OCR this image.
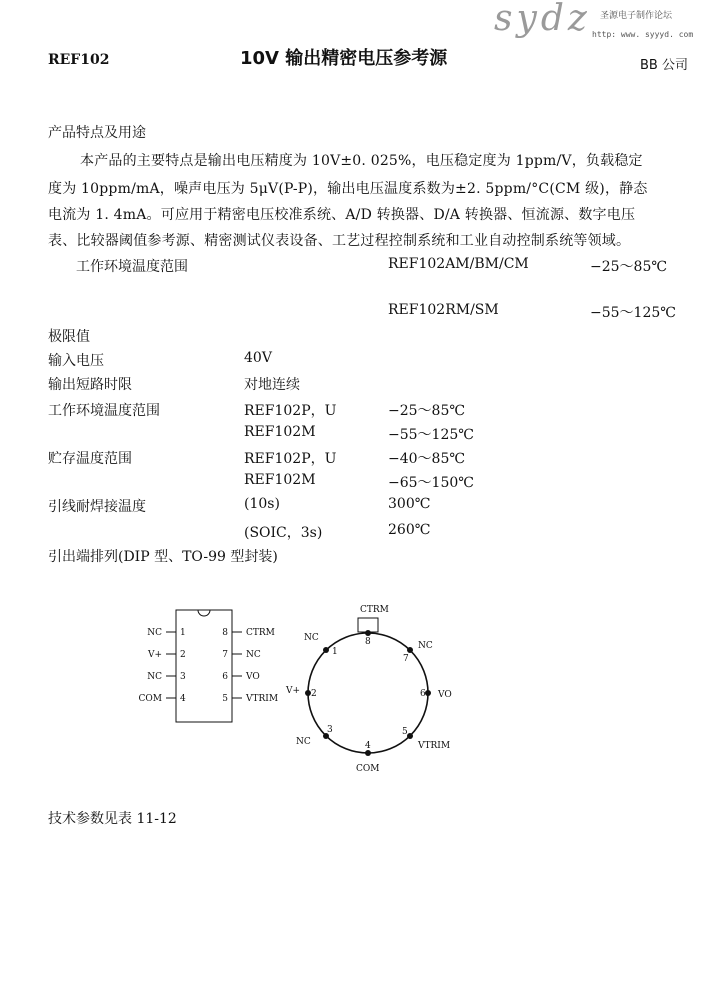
sydz 圣源电子制作论坛
http: www. syyyd. com
REF102	10V 输出精密电压参考源	BB 公司
产品特点及用途
本产品的主要特点是输出电压精度为 10V±0. 025%，电压稳定度为 1ppm/V，负载稳定
度为 10ppm/mA，噪声电压为 5μV(P-P)，输出电压温度系数为±2. 5ppm/°C(CM 级)，静态
电流为 1. 4mA。可应用于精密电压校准系统、A/D 转换器、D/A 转换器、恒流源、数字电压
表、比较器阈值参考源、精密测试仪表设备、工艺过程控制系统和工业自动控制系统等领域。
工作环境温度范围	REF102AM/BM/CM	−25～85℃
REF102RM/SM	−55～125℃
极限值
输入电压	40V
输出短路时限	对地连续
工作环境温度范围	REF102P，U	−25～85℃
REF102M	−55～125℃
贮存温度范围	REF102P，U	−40～85℃
REF102M	−65～150℃
引线耐焊接温度	(10s)	300℃
(SOIC，3s)	260℃
引出端排列(DIP 型、TO-99 型封装)
NC
V+
NC
COM
1
2
3
4
8
7
6
5
CTRM
NC
VO
VTRIM
8
7
6
5
4
3
2
1
CTRM
NC
VO
VTRIM
COM
NC
V+
NC
技术参数见表 11-12
